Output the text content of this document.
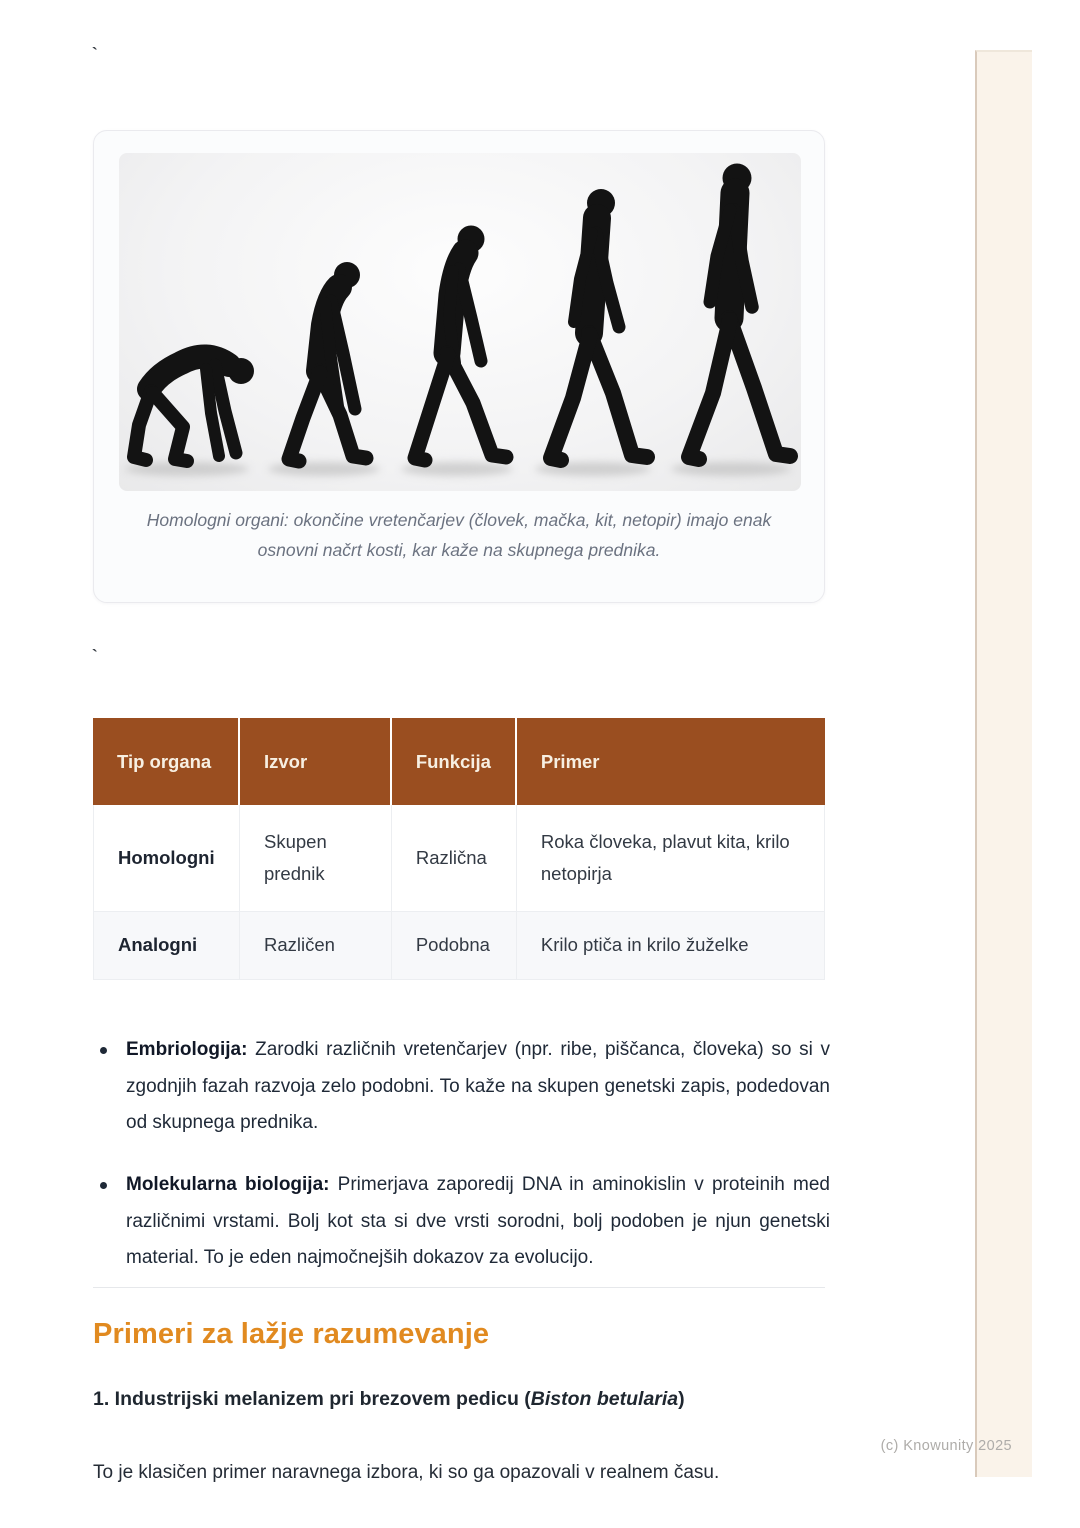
`
Homologni organi: okončine vretenčarjev (človek, mačka, kit, netopir) imajo enak osnovni načrt kosti, kar kaže na skupnega prednika.
`
Tip organa	Izvor	Funkcija	Primer
Homologni	Skupen prednik	Različna	Roka človeka, plavut kita, krilo netopirja
Analogni	Različen	Podobna	Krilo ptiča in krilo žuželke
Embriologija: Zarodki različnih vretenčarjev (npr. ribe, piščanca, človeka) so si v zgodnjih fazah razvoja zelo podobni. To kaže na skupen genetski zapis, podedovan od skupnega prednika.
Molekularna biologija: Primerjava zaporedij DNA in aminokislin v proteinih med različnimi vrstami. Bolj kot sta si dve vrsti sorodni, bolj podoben je njun genetski material. To je eden najmočnejših dokazov za evolucijo.
Primeri za lažje razumevanje
1. Industrijski melanizem pri brezovem pedicu (Biston betularia)

To je klasičen primer naravnega izbora, ki so ga opazovali v realnem času.

(c) Knowunity 2025
